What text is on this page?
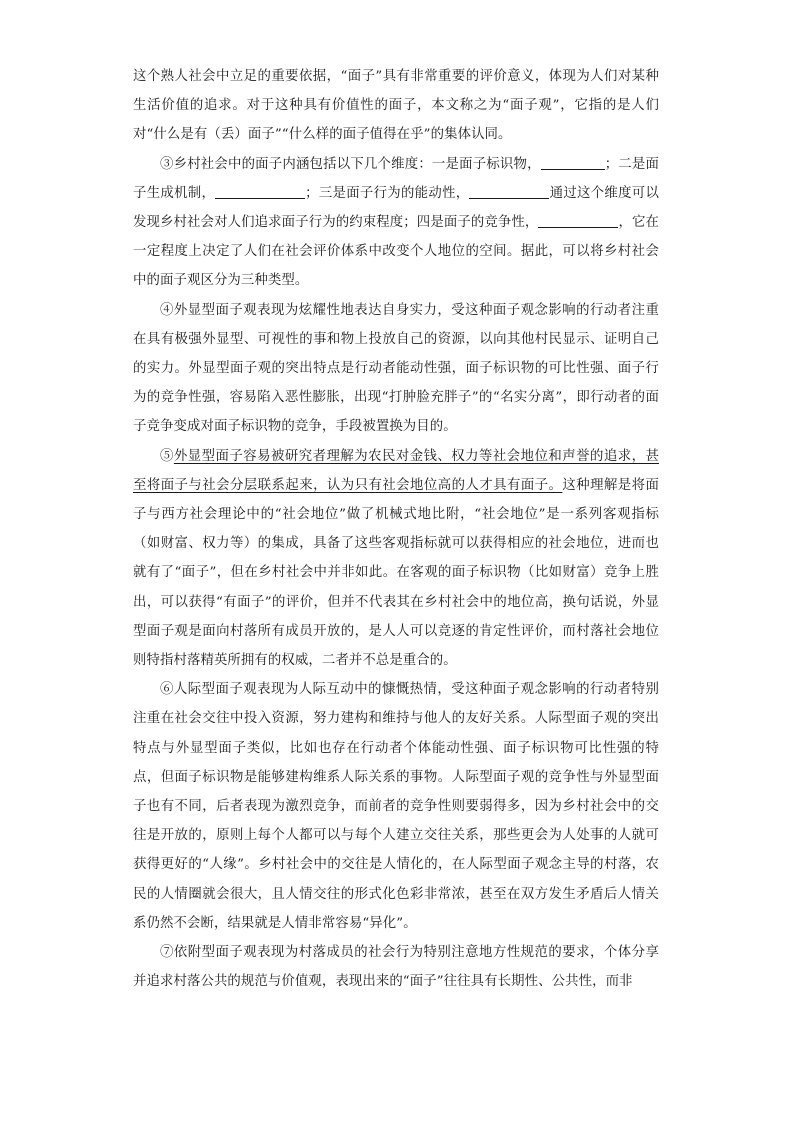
这个熟人社会中立足的重要依据，“面子”具有非常重要的评价意义，体现为人们对某种生活价值的追求。对于这种具有价值性的面子，本文称之为“面子观”，它指的是人们对“什么是有（丢）面子”“什么样的面子值得在乎”的集体认同。

③乡村社会中的面子内涵包括以下几个维度：一是面子标识物，	；二是面子生成机制，	；三是面子行为的能动性，	通过这个维度可以发现乡村社会对人们追求面子行为的约束程度；四是面子的竞争性，	，它在一定程度上决定了人们在社会评价体系中改变个人地位的空间。据此，可以将乡村社会中的面子观区分为三种类型。

④外显型面子观表现为炫耀性地表达自身实力，受这种面子观念影响的行动者注重在具有极强外显型、可视性的事和物上投放自己的资源，以向其他村民显示、证明自己的实力。外显型面子观的突出特点是行动者能动性强，面子标识物的可比性强、面子行为的竞争性强，容易陷入恶性膨胀，出现“打肿脸充胖子”的“名实分离”，即行动者的面子竞争变成对面子标识物的竞争，手段被置换为目的。

⑤外显型面子容易被研究者理解为农民对金钱、权力等社会地位和声誉的追求，甚至将面子与社会分层联系起来，认为只有社会地位高的人才具有面子。这种理解是将面子与西方社会理论中的“社会地位”做了机械式地比附，“社会地位”是一系列客观指标（如财富、权力等）的集成，具备了这些客观指标就可以获得相应的社会地位，进而也就有了“面子”，但在乡村社会中并非如此。在客观的面子标识物（比如财富）竞争上胜出，可以获得“有面子”的评价，但并不代表其在乡村社会中的地位高，换句话说，外显型面子观是面向村落所有成员开放的，是人人可以竞逐的肯定性评价，而村落社会地位则特指村落精英所拥有的权威，二者并不总是重合的。

⑥人际型面子观表现为人际互动中的慷慨热情，受这种面子观念影响的行动者特别注重在社会交往中投入资源，努力建构和维持与他人的友好关系。人际型面子观的突出特点与外显型面子类似，比如也存在行动者个体能动性强、面子标识物可比性强的特点，但面子标识物是能够建构维系人际关系的事物。人际型面子观的竞争性与外显型面子也有不同，后者表现为激烈竞争，而前者的竞争性则要弱得多，因为乡村社会中的交往是开放的，原则上每个人都可以与每个人建立交往关系，那些更会为人处事的人就可获得更好的“人缘”。乡村社会中的交往是人情化的，在人际型面子观念主导的村落，农民的人情圈就会很大，且人情交往的形式化色彩非常浓，甚至在双方发生矛盾后人情关系仍然不会断，结果就是人情非常容易“异化”。

⑦依附型面子观表现为村落成员的社会行为特别注意地方性规范的要求，个体分享并追求村落公共的规范与价值观，表现出来的“面子”往往具有长期性、公共性，而非
